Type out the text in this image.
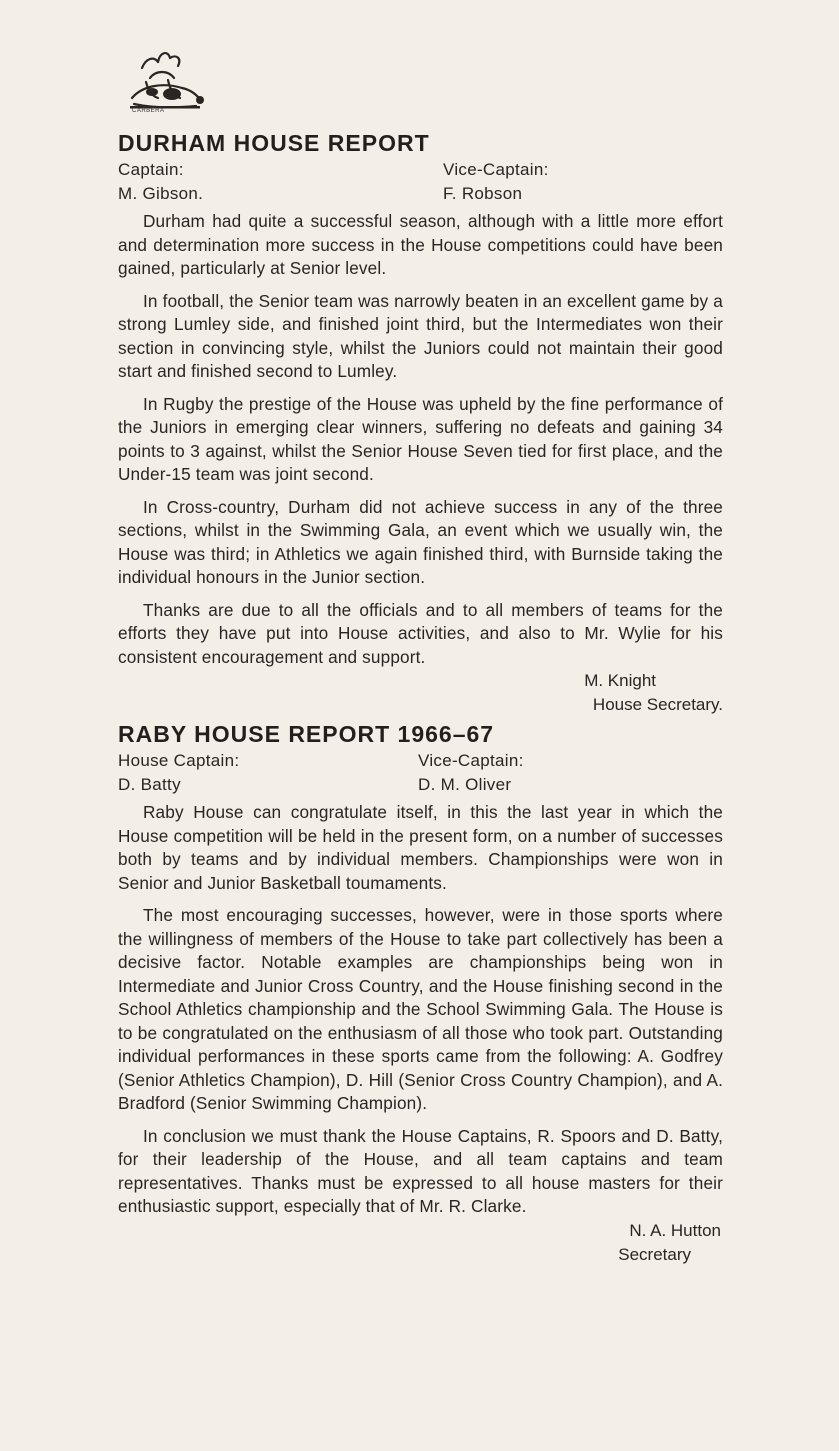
CARBERA
DURHAM HOUSE REPORT
Captain:	Vice-Captain:
M. Gibson.	F. Robson

Durham had quite a successful season, although with a little more effort and determination more success in the House competitions could have been gained, particularly at Senior level.

In football, the Senior team was narrowly beaten in an excellent game by a strong Lumley side, and finished joint third, but the Intermediates won their section in convincing style, whilst the Juniors could not maintain their good start and finished second to Lumley.

In Rugby the prestige of the House was upheld by the fine performance of the Juniors in emerging clear winners, suffering no defeats and gaining 34 points to 3 against, whilst the Senior House Seven tied for first place, and the Under-15 team was joint second.

In Cross-country, Durham did not achieve success in any of the three sections, whilst in the Swimming Gala, an event which we usually win, the House was third; in Athletics we again finished third, with Burnside taking the individual honours in the Junior section.

Thanks are due to all the officials and to all members of teams for the efforts they have put into House activities, and also to Mr. Wylie for his consistent encouragement and support.

M. Knight
House Secretary.
RABY HOUSE REPORT 1966–67
House Captain:	Vice-Captain:
D. Batty	D. M. Oliver

Raby House can congratulate itself, in this the last year in which the House competition will be held in the present form, on a number of successes both by teams and by individual members. Championships were won in Senior and Junior Basketball toumaments.

The most encouraging successes, however, were in those sports where the willingness of members of the House to take part collectively has been a decisive factor. Notable examples are championships being won in Intermediate and Junior Cross Country, and the House finishing second in the School Athletics championship and the School Swimming Gala. The House is to be congratulated on the enthusiasm of all those who took part. Outstanding individual performances in these sports came from the following: A. Godfrey (Senior Athletics Champion), D. Hill (Senior Cross Country Champion), and A. Bradford (Senior Swimming Champion).

In conclusion we must thank the House Captains, R. Spoors and D. Batty, for their leadership of the House, and all team captains and team representatives. Thanks must be expressed to all house masters for their enthusiastic support, especially that of Mr. R. Clarke.

N. A. Hutton
Secretary
